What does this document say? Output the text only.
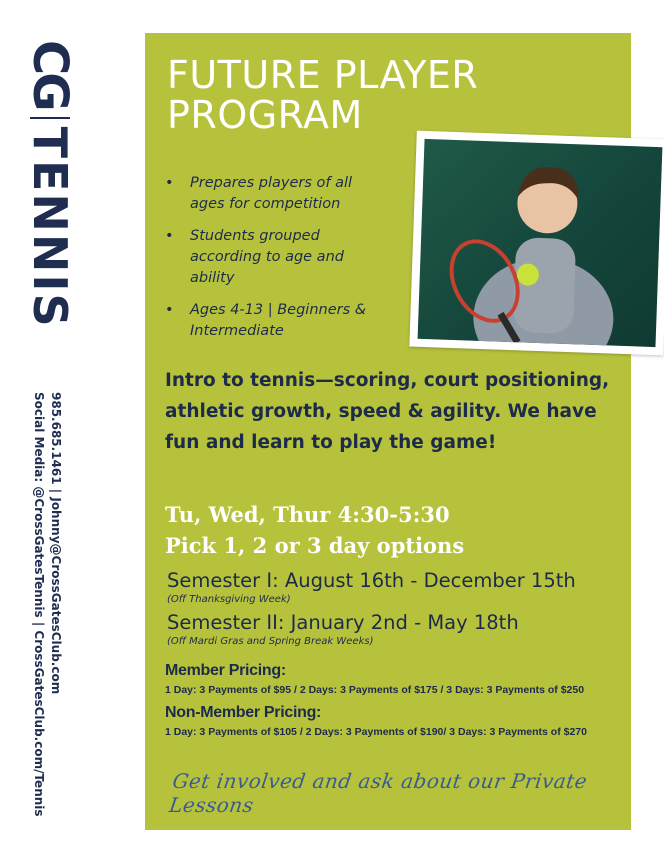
CG
TENNIS
985.685.1461 | Johnny@CrossGatesClub.com
Social Media: @CrossGatesTennis | CrossGatesClub.com/Tennis
FUTURE PLAYER
PROGRAM
• Prepares players of all ages for competition
• Students grouped according to age and ability
• Ages 4-13 | Beginners & Intermediate
Intro to tennis—scoring, court positioning, athletic growth, speed & agility. We have fun and learn to play the game!
Tu, Wed, Thur 4:30-5:30
Pick 1, 2 or 3 day options
Semester I: August 16th - December 15th
(Off Thanksgiving Week)
Semester II: January 2nd - May 18th
(Off Mardi Gras and Spring Break Weeks)
Member Pricing:
1 Day: 3 Payments of $95 / 2 Days: 3 Payments of $175 / 3 Days: 3 Payments of $250
Non-Member Pricing:
1 Day: 3 Payments of $105 / 2 Days: 3 Payments of $190/ 3 Days: 3 Payments of $270
Get involved and ask about our Private Lessons
